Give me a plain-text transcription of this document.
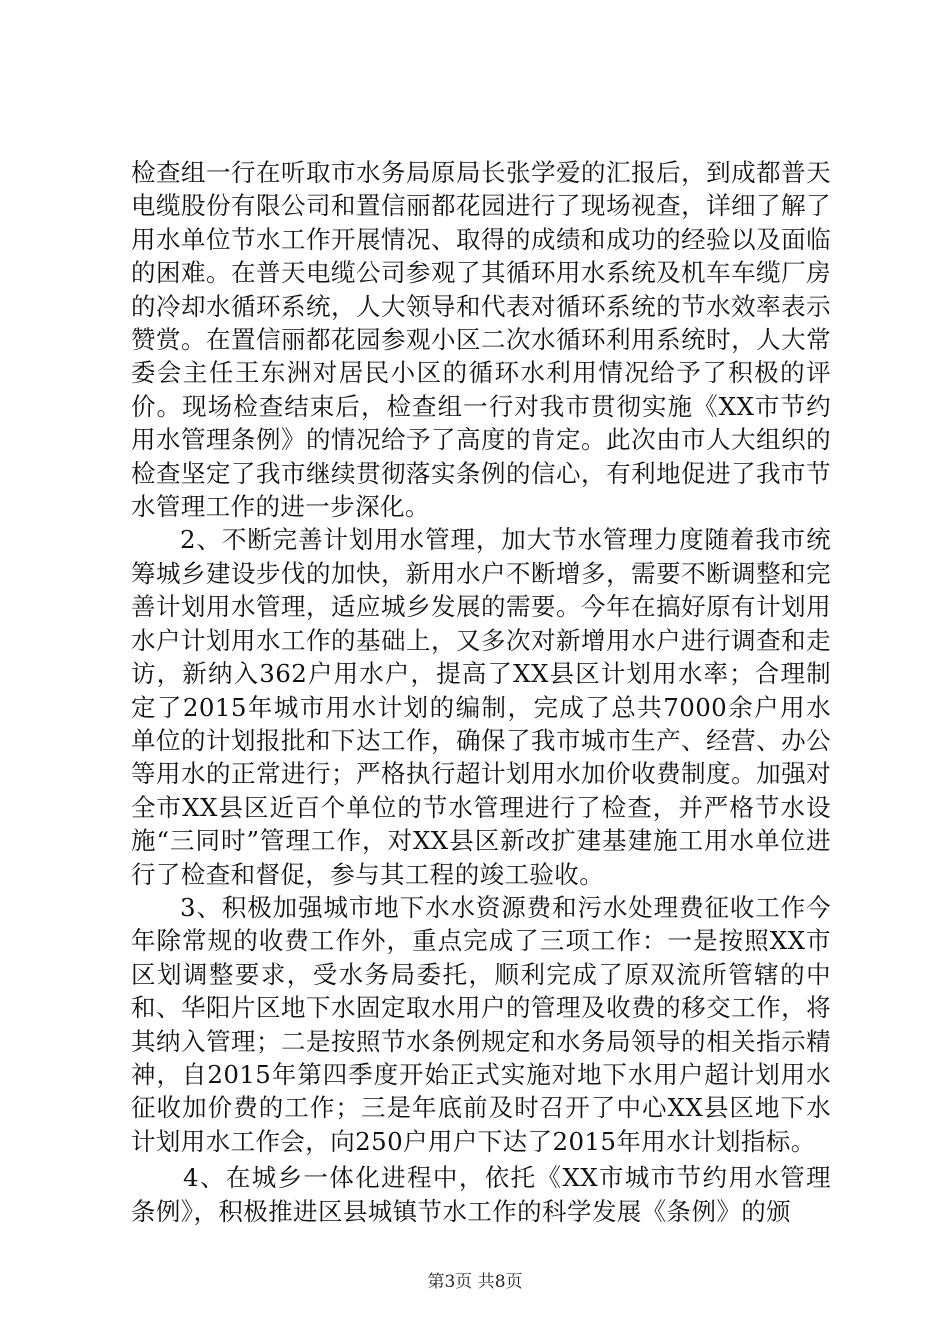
检查组一行在听取市水务局原局长张学爱的汇报后，到成都普天电缆股份有限公司和置信丽都花园进行了现场视查，详细了解了用水单位节水工作开展情况、取得的成绩和成功的经验以及面临的困难。在普天电缆公司参观了其循环用水系统及机车车缆厂房的冷却水循环系统，人大领导和代表对循环系统的节水效率表示赞赏。在置信丽都花园参观小区二次水循环利用系统时，人大常委会主任王东洲对居民小区的循环水利用情况给予了积极的评价。现场检查结束后，检查组一行对我市贯彻实施《XX市节约用水管理条例》的情况给予了高度的肯定。此次由市人大组织的检查坚定了我市继续贯彻落实条例的信心，有利地促进了我市节水管理工作的进一步深化。

2、不断完善计划用水管理，加大节水管理力度随着我市统筹城乡建设步伐的加快，新用水户不断增多，需要不断调整和完善计划用水管理，适应城乡发展的需要。今年在搞好原有计划用水户计划用水工作的基础上，又多次对新增用水户进行调查和走访，新纳入362户用水户，提高了XX县区计划用水率；合理制定了2015年城市用水计划的编制，完成了总共7000余户用水单位的计划报批和下达工作，确保了我市城市生产、经营、办公等用水的正常进行；严格执行超计划用水加价收费制度。加强对全市XX县区近百个单位的节水管理进行了检查，并严格节水设施“三同时”管理工作，对XX县区新改扩建基建施工用水单位进行了检查和督促，参与其工程的竣工验收。

3、积极加强城市地下水水资源费和污水处理费征收工作今年除常规的收费工作外，重点完成了三项工作：一是按照XX市区划调整要求，受水务局委托，顺利完成了原双流所管辖的中和、华阳片区地下水固定取水用户的管理及收费的移交工作，将其纳入管理；二是按照节水条例规定和水务局领导的相关指示精神，自2015年第四季度开始正式实施对地下水用户超计划用水征收加价费的工作；三是年底前及时召开了中心XX县区地下水计划用水工作会，向250户用户下达了2015年用水计划指标。

4、在城乡一体化进程中，依托《XX市城市节约用水管理条例》，积极推进区县城镇节水工作的科学发展《条例》的颁

第3页 共8页
